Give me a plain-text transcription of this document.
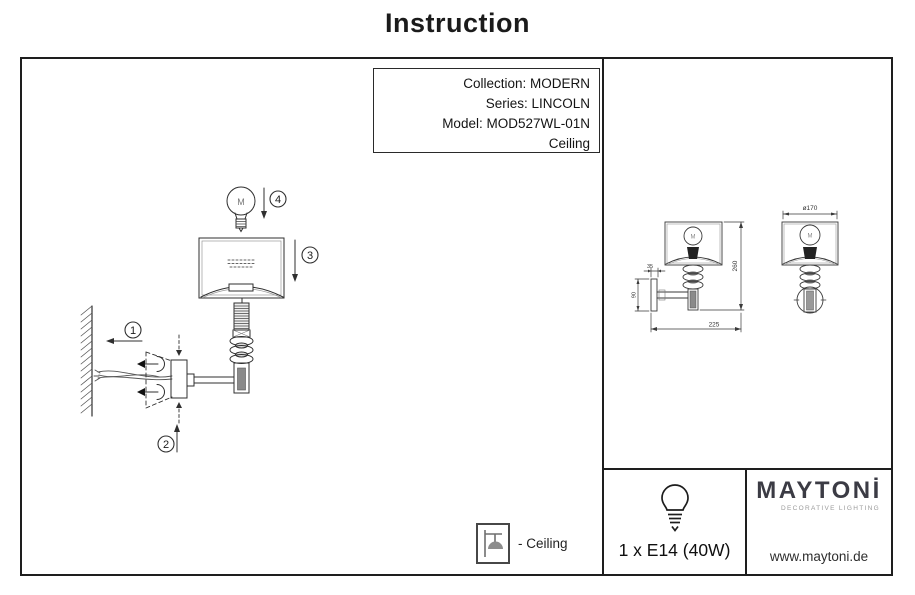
Instruction
Collection: MODERN
Series: LINCOLN
Model: MOD527WL-01N
Ceiling
M	4
3
1
2
M
260
225
35
90
ø170
M
- Ceiling	1 x E14 (40W)
MAYTONİ
DECORATIVE LIGHTING
www.maytoni.de
